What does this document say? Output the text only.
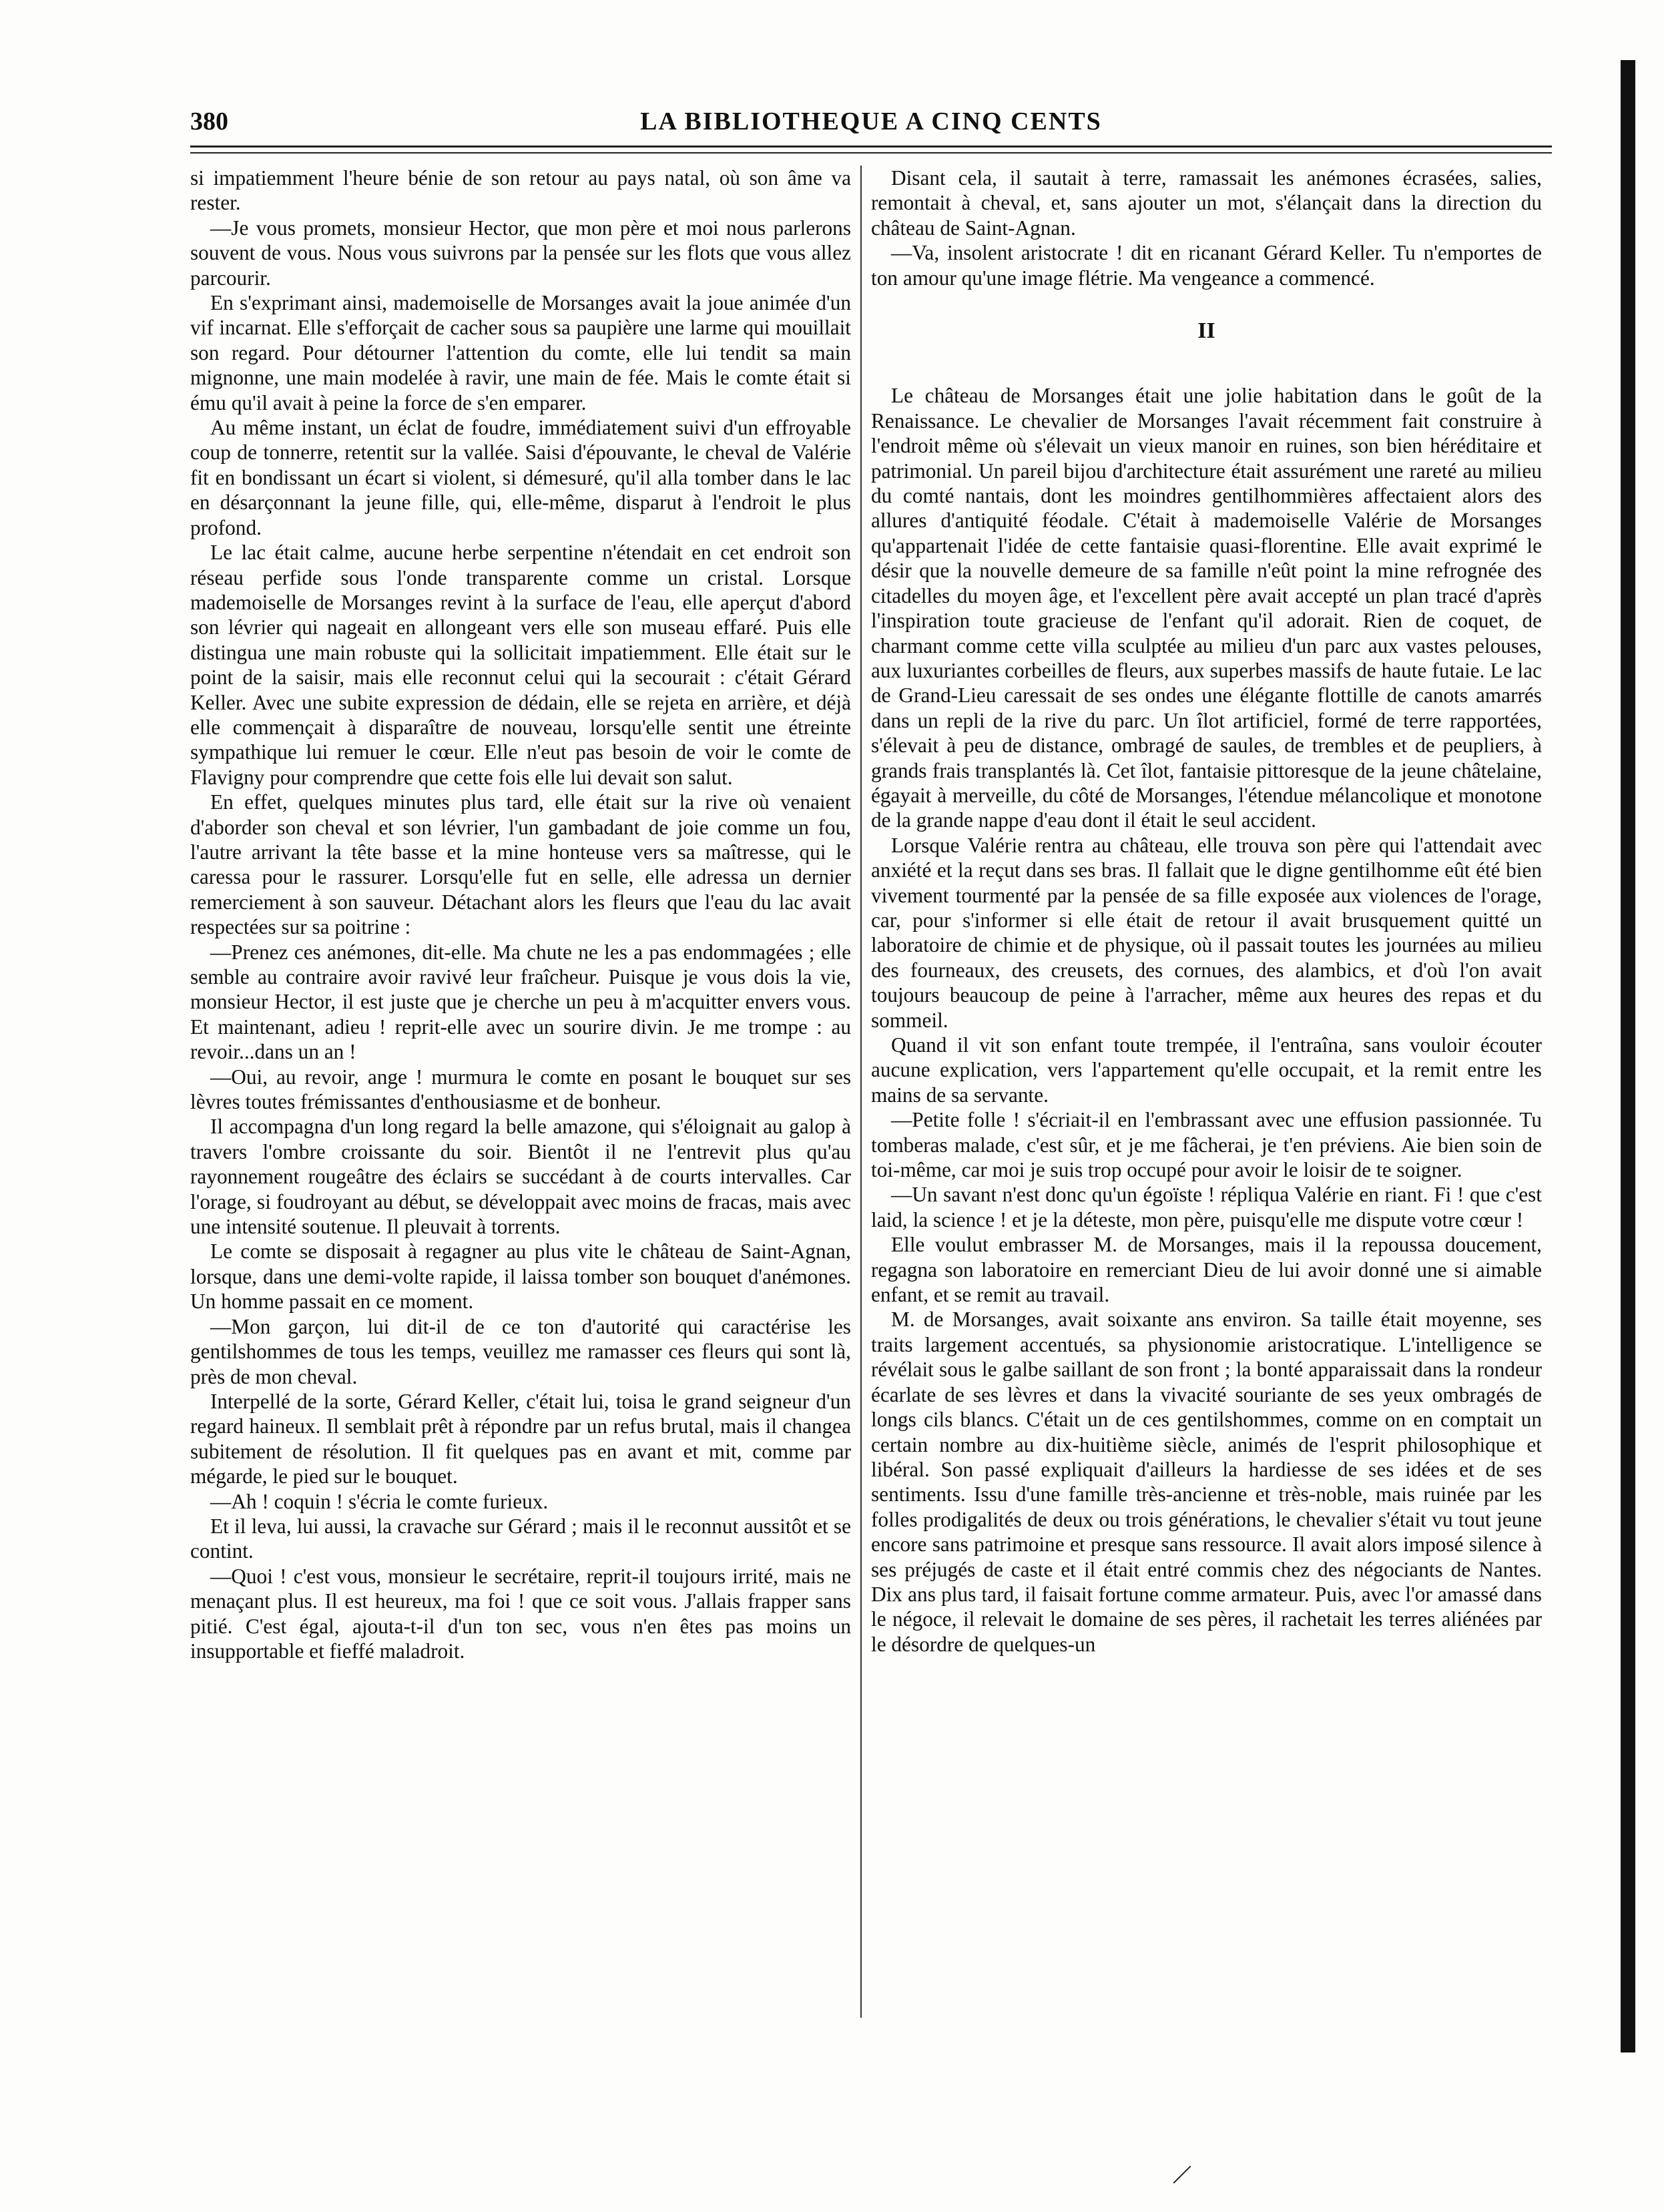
380	LA BIBLIOTHEQUE A CINQ CENTS

si impatiemment l'heure bénie de son retour au pays natal, où son âme va rester.

—Je vous promets, monsieur Hector, que mon père et moi nous parlerons souvent de vous. Nous vous suivrons par la pensée sur les flots que vous allez parcourir.

En s'exprimant ainsi, mademoiselle de Morsanges avait la joue animée d'un vif incarnat. Elle s'efforçait de cacher sous sa paupière une larme qui mouillait son regard. Pour détourner l'attention du comte, elle lui tendit sa main mignonne, une main modelée à ravir, une main de fée. Mais le comte était si ému qu'il avait à peine la force de s'en emparer.

Au même instant, un éclat de foudre, immédiatement suivi d'un effroyable coup de tonnerre, retentit sur la vallée. Saisi d'épouvante, le cheval de Valérie fit en bondissant un écart si violent, si démesuré, qu'il alla tomber dans le lac en désarçonnant la jeune fille, qui, elle-même, disparut à l'endroit le plus profond.

Le lac était calme, aucune herbe serpentine n'étendait en cet endroit son réseau perfide sous l'onde transparente comme un cristal. Lorsque mademoiselle de Morsanges revint à la surface de l'eau, elle aperçut d'abord son lévrier qui nageait en allongeant vers elle son museau effaré. Puis elle distingua une main robuste qui la sollicitait impatiemment. Elle était sur le point de la saisir, mais elle reconnut celui qui la secourait : c'était Gérard Keller. Avec une subite expression de dédain, elle se rejeta en arrière, et déjà elle commençait à disparaître de nouveau, lorsqu'elle sentit une étreinte sympathique lui remuer le cœur. Elle n'eut pas besoin de voir le comte de Flavigny pour comprendre que cette fois elle lui devait son salut.

En effet, quelques minutes plus tard, elle était sur la rive où venaient d'aborder son cheval et son lévrier, l'un gambadant de joie comme un fou, l'autre arrivant la tête basse et la mine honteuse vers sa maîtresse, qui le caressa pour le rassurer. Lorsqu'elle fut en selle, elle adressa un dernier remerciement à son sauveur. Détachant alors les fleurs que l'eau du lac avait respectées sur sa poitrine :

—Prenez ces anémones, dit-elle. Ma chute ne les a pas endommagées ; elle semble au contraire avoir ravivé leur fraîcheur. Puisque je vous dois la vie, monsieur Hector, il est juste que je cherche un peu à m'acquitter envers vous. Et maintenant, adieu ! reprit-elle avec un sourire divin. Je me trompe : au revoir...dans un an !

—Oui, au revoir, ange ! murmura le comte en posant le bouquet sur ses lèvres toutes frémissantes d'enthousiasme et de bonheur.

Il accompagna d'un long regard la belle amazone, qui s'éloignait au galop à travers l'ombre croissante du soir. Bientôt il ne l'entrevit plus qu'au rayonnement rougeâtre des éclairs se succédant à de courts intervalles. Car l'orage, si foudroyant au début, se développait avec moins de fracas, mais avec une intensité soutenue. Il pleuvait à torrents.

Le comte se disposait à regagner au plus vite le château de Saint-Agnan, lorsque, dans une demi-volte rapide, il laissa tomber son bouquet d'anémones. Un homme passait en ce moment.

—Mon garçon, lui dit-il de ce ton d'autorité qui caractérise les gentilshommes de tous les temps, veuillez me ramasser ces fleurs qui sont là, près de mon cheval.

Interpellé de la sorte, Gérard Keller, c'était lui, toisa le grand seigneur d'un regard haineux. Il semblait prêt à répondre par un refus brutal, mais il changea subitement de résolution. Il fit quelques pas en avant et mit, comme par mégarde, le pied sur le bouquet.

—Ah ! coquin ! s'écria le comte furieux.

Et il leva, lui aussi, la cravache sur Gérard ; mais il le reconnut aussitôt et se contint.

—Quoi ! c'est vous, monsieur le secrétaire, reprit-il toujours irrité, mais ne menaçant plus. Il est heureux, ma foi ! que ce soit vous. J'allais frapper sans pitié. C'est égal, ajouta-t-il d'un ton sec, vous n'en êtes pas moins un insupportable et fieffé maladroit.

Disant cela, il sautait à terre, ramassait les anémones écrasées, salies, remontait à cheval, et, sans ajouter un mot, s'élançait dans la direction du château de Saint-Agnan.

—Va, insolent aristocrate ! dit en ricanant Gérard Keller. Tu n'emportes de ton amour qu'une image flétrie. Ma vengeance a commencé.

II

Le château de Morsanges était une jolie habitation dans le goût de la Renaissance. Le chevalier de Morsanges l'avait récemment fait construire à l'endroit même où s'élevait un vieux manoir en ruines, son bien héréditaire et patrimonial. Un pareil bijou d'architecture était assurément une rareté au milieu du comté nantais, dont les moindres gentilhommières affectaient alors des allures d'antiquité féodale. C'était à mademoiselle Valérie de Morsanges qu'appartenait l'idée de cette fantaisie quasi-florentine. Elle avait exprimé le désir que la nouvelle demeure de sa famille n'eût point la mine refrognée des citadelles du moyen âge, et l'excellent père avait accepté un plan tracé d'après l'inspiration toute gracieuse de l'enfant qu'il adorait. Rien de coquet, de charmant comme cette villa sculptée au milieu d'un parc aux vastes pelouses, aux luxuriantes corbeilles de fleurs, aux superbes massifs de haute futaie. Le lac de Grand-Lieu caressait de ses ondes une élégante flottille de canots amarrés dans un repli de la rive du parc. Un îlot artificiel, formé de terre rapportées, s'élevait à peu de distance, ombragé de saules, de trembles et de peupliers, à grands frais transplantés là. Cet îlot, fantaisie pittoresque de la jeune châtelaine, égayait à merveille, du côté de Morsanges, l'étendue mélancolique et monotone de la grande nappe d'eau dont il était le seul accident.

Lorsque Valérie rentra au château, elle trouva son père qui l'attendait avec anxiété et la reçut dans ses bras. Il fallait que le digne gentilhomme eût été bien vivement tourmenté par la pensée de sa fille exposée aux violences de l'orage, car, pour s'informer si elle était de retour il avait brusquement quitté un laboratoire de chimie et de physique, où il passait toutes les journées au milieu des fourneaux, des creusets, des cornues, des alambics, et d'où l'on avait toujours beaucoup de peine à l'arracher, même aux heures des repas et du sommeil.

Quand il vit son enfant toute trempée, il l'entraîna, sans vouloir écouter aucune explication, vers l'appartement qu'elle occupait, et la remit entre les mains de sa servante.

—Petite folle ! s'écriait-il en l'embrassant avec une effusion passionnée. Tu tomberas malade, c'est sûr, et je me fâcherai, je t'en préviens. Aie bien soin de toi-même, car moi je suis trop occupé pour avoir le loisir de te soigner.

—Un savant n'est donc qu'un égoïste ! répliqua Valérie en riant. Fi ! que c'est laid, la science ! et je la déteste, mon père, puisqu'elle me dispute votre cœur !

Elle voulut embrasser M. de Morsanges, mais il la repoussa doucement, regagna son laboratoire en remerciant Dieu de lui avoir donné une si aimable enfant, et se remit au travail.

M. de Morsanges, avait soixante ans environ. Sa taille était moyenne, ses traits largement accentués, sa physionomie aristocratique. L'intelligence se révélait sous le galbe saillant de son front ; la bonté apparaissait dans la rondeur écarlate de ses lèvres et dans la vivacité souriante de ses yeux ombragés de longs cils blancs. C'était un de ces gentilshommes, comme on en comptait un certain nombre au dix-huitième siècle, animés de l'esprit philosophique et libéral. Son passé expliquait d'ailleurs la hardiesse de ses idées et de ses sentiments. Issu d'une famille très-ancienne et très-noble, mais ruinée par les folles prodigalités de deux ou trois générations, le chevalier s'était vu tout jeune encore sans patrimoine et presque sans ressource. Il avait alors imposé silence à ses préjugés de caste et il était entré commis chez des négociants de Nantes. Dix ans plus tard, il faisait fortune comme armateur. Puis, avec l'or amassé dans le négoce, il relevait le domaine de ses pères, il rachetait les terres aliénées par le désordre de quelques-un
